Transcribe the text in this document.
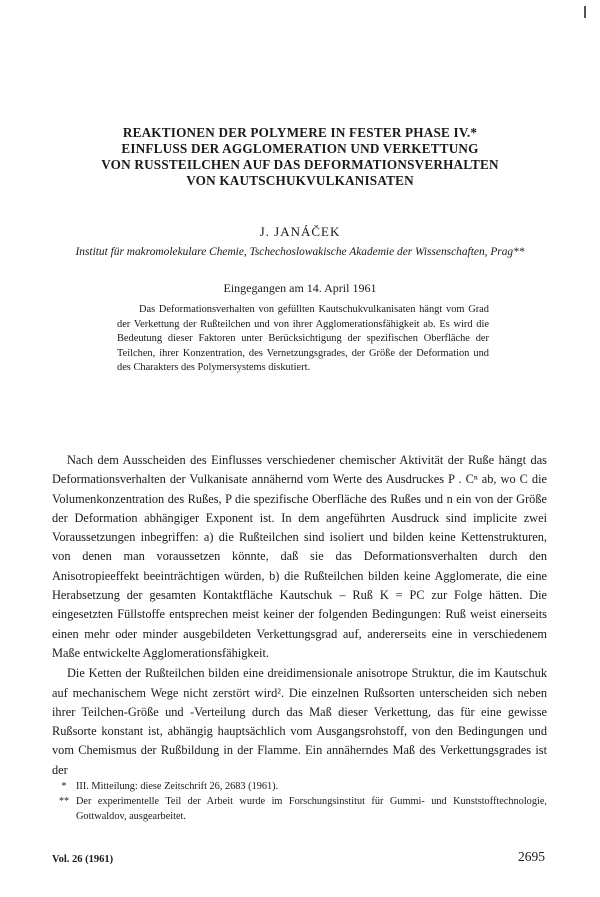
REAKTIONEN DER POLYMERE IN FESTER PHASE IV.*
EINFLUSS DER AGGLOMERATION UND VERKETTUNG
VON RUSSTEILCHEN AUF DAS DEFORMATIONSVERHALTEN
VON KAUTSCHUKVULKANISATEN
J. JANÁČEK
Institut für makromolekulare Chemie, Tschechoslowakische Akademie der Wissenschaften, Prag**
Eingegangen am 14. April 1961
Das Deformationsverhalten von gefüllten Kautschukvulkanisaten hängt vom Grad der Verkettung der Rußteilchen und von ihrer Agglomerationsfähigkeit ab. Es wird die Bedeutung dieser Faktoren unter Berücksichtigung der spezifischen Oberfläche der Teilchen, ihrer Konzentration, des Vernetzungsgrades, der Größe der Deformation und des Charakters des Polymersystems diskutiert.

Nach dem Ausscheiden des Einflusses verschiedener chemischer Aktivität der Ruße hängt das Deformationsverhalten der Vulkanisate annähernd vom Werte des Ausdruckes P . Cⁿ ab, wo C die Volumenkonzentration des Rußes, P die spezifische Oberfläche des Rußes und n ein von der Größe der Deformation abhängiger Exponent ist. In dem angeführten Ausdruck sind implicite zwei Voraussetzungen inbegriffen: a) die Rußteilchen sind isoliert und bilden keine Kettenstrukturen, von denen man voraussetzen könnte, daß sie das Deformationsverhalten durch den Anisotropieeffekt beeinträchtigen würden, b) die Rußteilchen bilden keine Agglomerate, die eine Herabsetzung der gesamten Kontaktfläche Kautschuk – Ruß K = PC zur Folge hätten. Die eingesetzten Füllstoffe entsprechen meist keiner der folgenden Bedingungen: Ruß weist einerseits einen mehr oder minder ausgebildeten Verkettungsgrad auf, andererseits eine in verschiedenem Maße entwickelte Agglomerationsfähigkeit.

Die Ketten der Rußteilchen bilden eine dreidimensionale anisotrope Struktur, die im Kautschuk auf mechanischem Wege nicht zerstört wird². Die einzelnen Rußsorten unterscheiden sich neben ihrer Teilchen-Größe und -Verteilung durch das Maß dieser Verkettung, das für eine gewisse Rußsorte konstant ist, abhängig hauptsächlich vom Ausgangsrohstoff, von den Bedingungen und vom Chemismus der Rußbildung in der Flamme. Ein annäherndes Maß des Verkettungsgrades ist der

* III. Mitteilung: diese Zeitschrift 26, 2683 (1961).
** Der experimentelle Teil der Arbeit wurde im Forschungsinstitut für Gummi- und Kunststofftechnologie, Gottwaldov, ausgearbeitet.
Vol. 26 (1961)	2695
